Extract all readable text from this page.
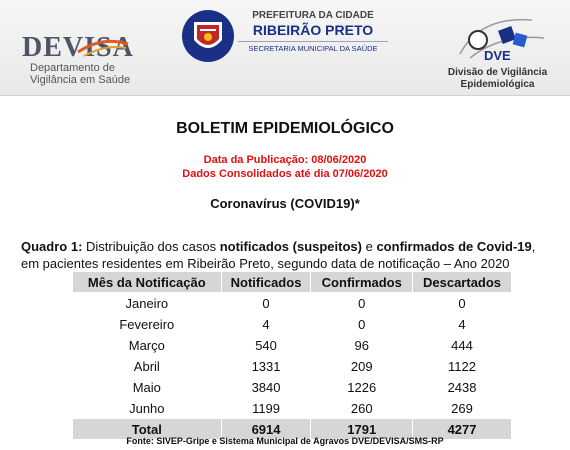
DEVISA
Departamento de
Vigilância em Saúde
PREFEITURA DA CIDADE
RIBEIRÃO PRETO
SECRETARIA MUNICIPAL DA SAÚDE	DVE
Divisão de Vigilância
Epidemiológica
BOLETIM EPIDEMIOLÓGICO
Data da Publicação: 08/06/2020
Dados Consolidados até dia 07/06/2020
Coronavírus (COVID19)*
Quadro 1: Distribuição dos casos notificados (suspeitos) e confirmados de Covid-19, em pacientes residentes em Ribeirão Preto, segundo data de notificação – Ano 2020
Mês da Notificação	Notificados	Confirmados	Descartados
Janeiro	0	0	0
Fevereiro	4	0	4
Março	540	96	444
Abril	1331	209	1122
Maio	3840	1226	2438
Junho	1199	260	269
Total	6914	1791	4277
Fonte: SIVEP-Gripe e Sistema Municipal de Agravos DVE/DEVISA/SMS-RP
